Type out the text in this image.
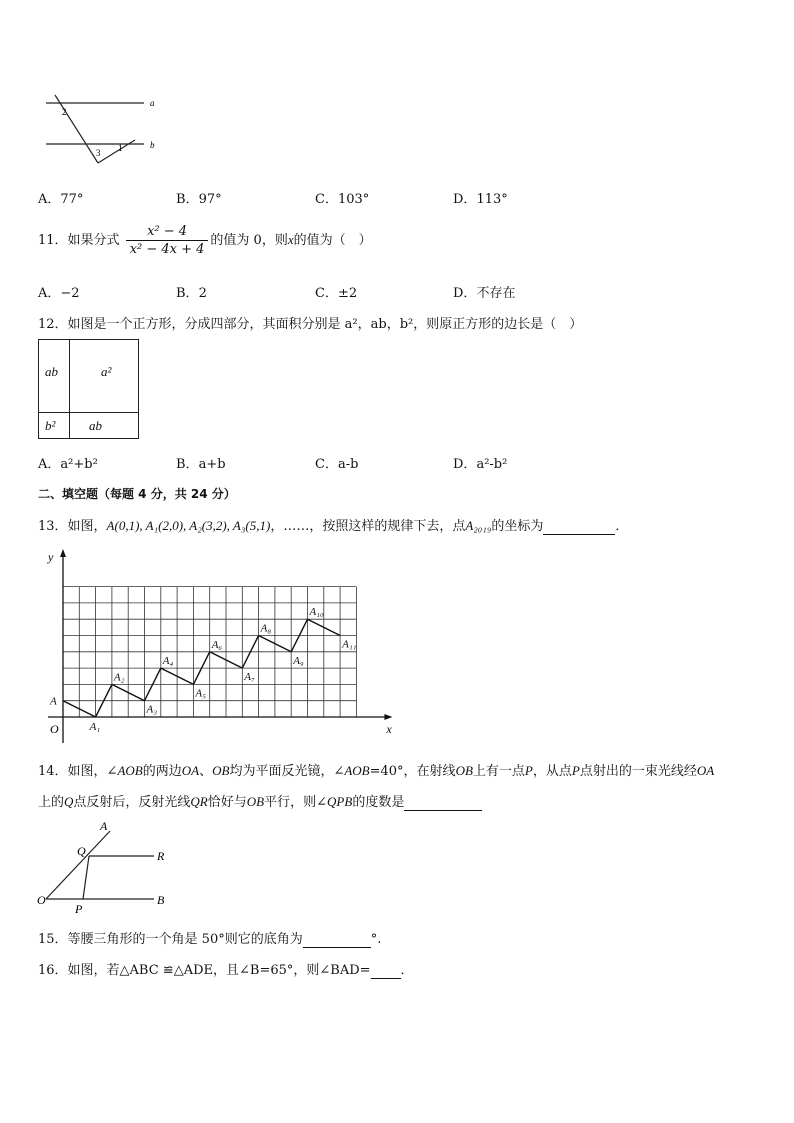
a
b
2
3 1
A．77°	B．97°	C．103°	D．113°
11．如果分式 $\frac{\text{x² − 4}}{\text{x² − 4x + 4}}$ 的值为 0，则x的值为（　）
A．−2	B．2	C．±2	D．不存在
12．如图是一个正方形，分成四部分，其面积分别是 a²，ab，b²，则原正方形的边长是（　）
ab	a²
b²	ab
A．a²+b²	B．a+b	C．a-b	D．a²-b²
二、填空题（每题 4 分，共 24 分）
13．如图，A(0,1), A₁(2,0), A₂(3,2), A₃(5,1)，……，按照这样的规律下去，点A₂₀₁₉的坐标为	．
x
y
O
A
A₁
A₂
A₃
A₄
A₅
A₆
A₇
A₈
A₉
A₁₀
A₁₁
14．如图，∠AOB的两边OA、OB均为平面反光镜，∠AOB=40°，在射线OB上有一点P，从点P点射出的一束光线经OA
上的Q点反射后，反射光线QR恰好与OB平行，则∠QPB的度数是
A
Q	R
O
P
B
15．等腰三角形的一个角是 50°则它的底角为	°.
16．如图，若△ABC ≌△ADE，且∠B=65°，则∠BAD= ．
